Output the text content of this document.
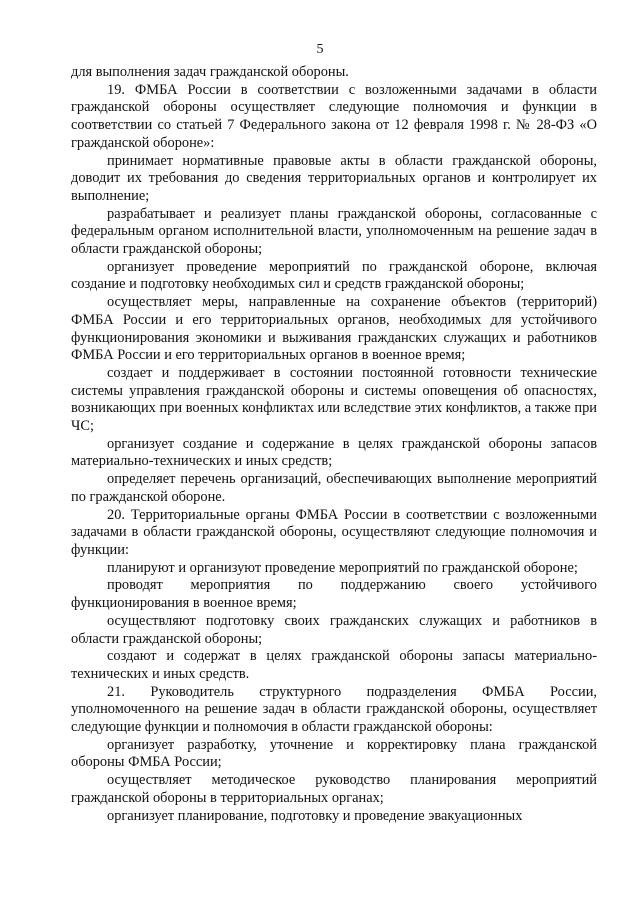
5

для выполнения задач гражданской обороны.

19. ФМБА России в соответствии с возложенными задачами в области гражданской обороны осуществляет следующие полномочия и функции в соответствии со статьей 7 Федерального закона от 12 февраля 1998 г. № 28-ФЗ «О гражданской обороне»:

принимает нормативные правовые акты в области гражданской обороны, доводит их требования до сведения территориальных органов и контролирует их выполнение;

разрабатывает и реализует планы гражданской обороны, согласованные с федеральным органом исполнительной власти, уполномоченным на решение задач в области гражданской обороны;

организует проведение мероприятий по гражданской обороне, включая создание и подготовку необходимых сил и средств гражданской обороны;

осуществляет меры, направленные на сохранение объектов (территорий) ФМБА России и его территориальных органов, необходимых для устойчивого функционирования экономики и выживания гражданских служащих и работников ФМБА России и его территориальных органов в военное время;

создает и поддерживает в состоянии постоянной готовности технические системы управления гражданской обороны и системы оповещения об опасностях, возникающих при военных конфликтах или вследствие этих конфликтов, а также при ЧС;

организует создание и содержание в целях гражданской обороны запасов материально-технических и иных средств;

определяет перечень организаций, обеспечивающих выполнение мероприятий по гражданской обороне.

20. Территориальные органы ФМБА России в соответствии с возложенными задачами в области гражданской обороны, осуществляют следующие полномочия и функции:

планируют и организуют проведение мероприятий по гражданской обороне;

проводят мероприятия по поддержанию своего устойчивого функционирования в военное время;

осуществляют подготовку своих гражданских служащих и работников в области гражданской обороны;

создают и содержат в целях гражданской обороны запасы материально-технических и иных средств.

21. Руководитель структурного подразделения ФМБА России, уполномоченного на решение задач в области гражданской обороны, осуществляет следующие функции и полномочия в области гражданской обороны:

организует разработку, уточнение и корректировку плана гражданской обороны ФМБА России;

осуществляет методическое руководство планирования мероприятий гражданской обороны в территориальных органах;

организует планирование, подготовку и проведение эвакуационных
